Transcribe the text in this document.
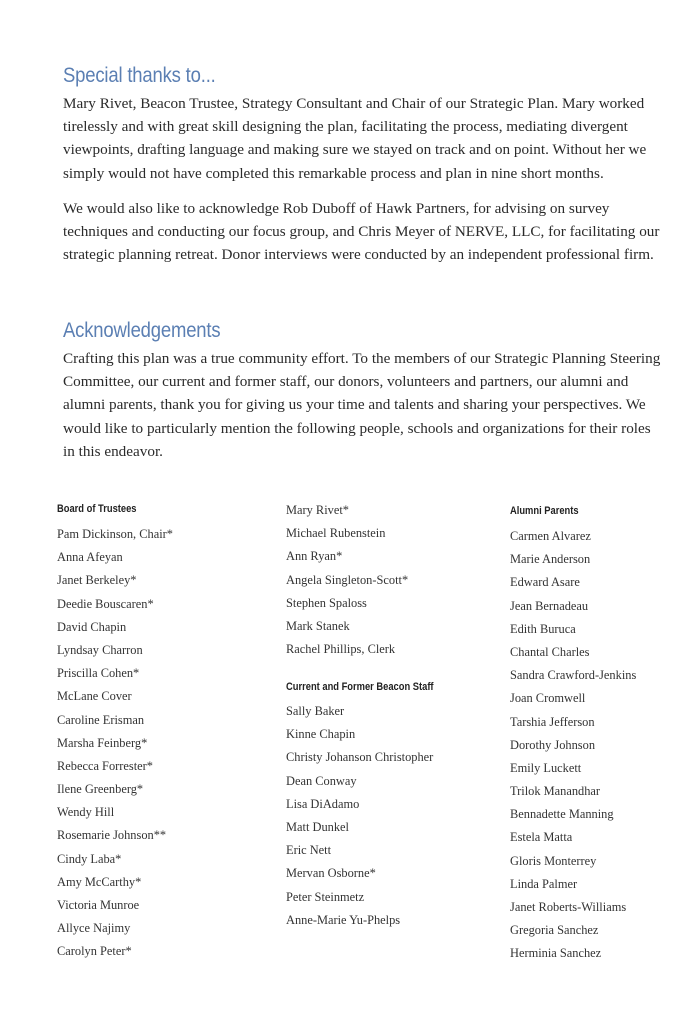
Special thanks to...

Mary Rivet, Beacon Trustee, Strategy Consultant and Chair of our Strategic Plan. Mary worked tirelessly and with great skill designing the plan, facilitating the process, mediating divergent viewpoints, drafting language and making sure we stayed on track and on point. Without her we simply would not have completed this remarkable process and plan in nine short months.

We would also like to acknowledge Rob Duboff of Hawk Partners, for advising on survey techniques and conducting our focus group, and Chris Meyer of NERVE, LLC, for facilitating our strategic planning retreat. Donor interviews were conducted by an independent professional firm.

Acknowledgements

Crafting this plan was a true community effort. To the members of our Strategic Planning Steering Committee, our current and former staff, our donors, volunteers and partners, our alumni and alumni parents, thank you for giving us your time and talents and sharing your perspectives. We would like to particularly mention the following people, schools and organizations for their roles in this endeavor.

Board of Trustees
Pam Dickinson, Chair*
Anna Afeyan
Janet Berkeley*
Deedie Bouscaren*
David Chapin
Lyndsay Charron
Priscilla Cohen*
McLane Cover
Caroline Erisman
Marsha Feinberg*
Rebecca Forrester*
Ilene Greenberg*
Wendy Hill
Rosemarie Johnson**
Cindy Laba*
Amy McCarthy*
Victoria Munroe
Allyce Najimy
Carolyn Peter*
Mary Rivet*
Michael Rubenstein
Ann Ryan*
Angela Singleton-Scott*
Stephen Spaloss
Mark Stanek
Rachel Phillips, Clerk
Current and Former Beacon Staff
Sally Baker
Kinne Chapin
Christy Johanson Christopher
Dean Conway
Lisa DiAdamo
Matt Dunkel
Eric Nett
Mervan Osborne*
Peter Steinmetz
Anne-Marie Yu-Phelps
Alumni Parents
Carmen Alvarez
Marie Anderson
Edward Asare
Jean Bernadeau
Edith Buruca
Chantal Charles
Sandra Crawford-Jenkins
Joan Cromwell
Tarshia Jefferson
Dorothy Johnson
Emily Luckett
Trilok Manandhar
Bennadette Manning
Estela Matta
Gloris Monterrey
Linda Palmer
Janet Roberts-Williams
Gregoria Sanchez
Herminia Sanchez
